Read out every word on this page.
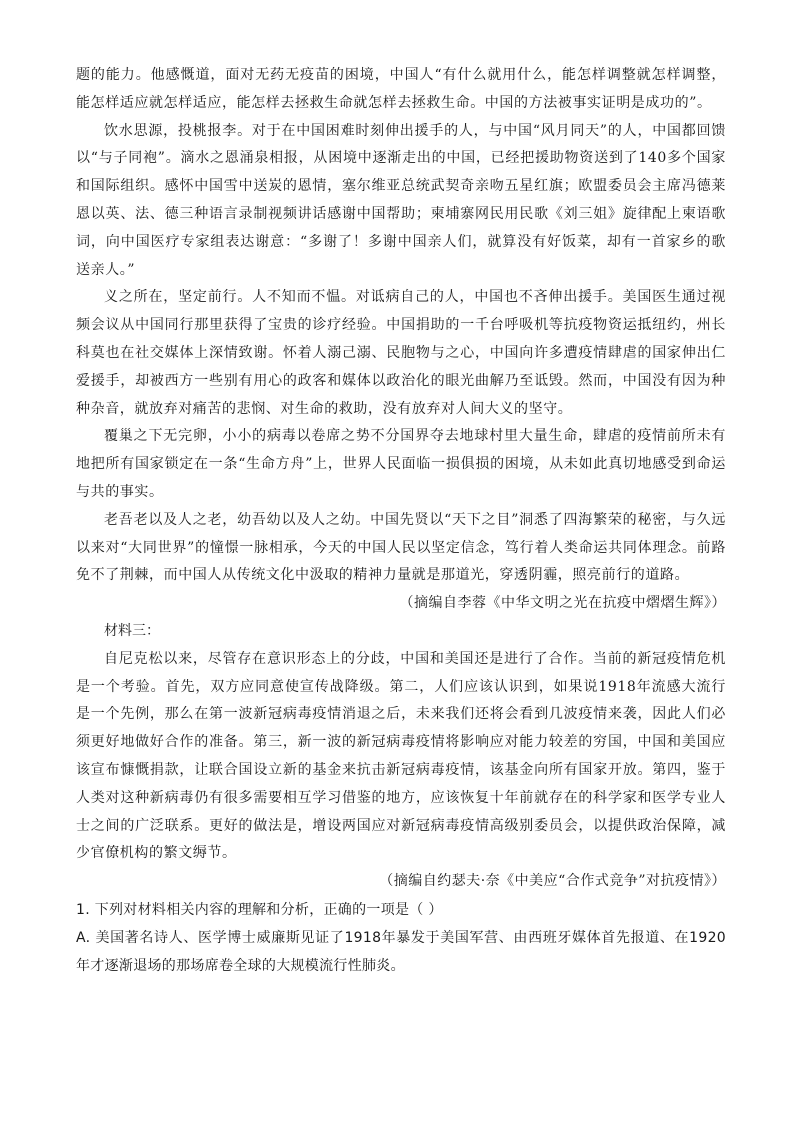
题的能力。他感慨道，面对无药无疫苗的困境，中国人“有什么就用什么，能怎样调整就怎样调整，能怎样适应就怎样适应，能怎样去拯救生命就怎样去拯救生命。中国的方法被事实证明是成功的”。

饮水思源，投桃报李。对于在中国困难时刻伸出援手的人，与中国“风月同天”的人，中国都回馈以“与子同袍”。滴水之恩涌泉相报，从困境中逐渐走出的中国，已经把援助物资送到了140多个国家和国际组织。感怀中国雪中送炭的恩情，塞尔维亚总统武契奇亲吻五星红旗；欧盟委员会主席冯德莱恩以英、法、德三种语言录制视频讲话感谢中国帮助；柬埔寨网民用民歌《刘三姐》旋律配上柬语歌词，向中国医疗专家组表达谢意：“多谢了！多谢中国亲人们，就算没有好饭菜，却有一首家乡的歌送亲人。”

义之所在，坚定前行。人不知而不愠。对诋病自己的人，中国也不吝伸出援手。美国医生通过视频会议从中国同行那里获得了宝贵的诊疗经验。中国捐助的一千台呼吸机等抗疫物资运抵纽约，州长科莫也在社交媒体上深情致谢。怀着人溺己溺、民胞物与之心，中国向许多遭疫情肆虐的国家伸出仁爱援手，却被西方一些别有用心的政客和媒体以政治化的眼光曲解乃至诋毁。然而，中国没有因为种种杂音，就放弃对痛苦的悲悯、对生命的救助，没有放弃对人间大义的坚守。

覆巢之下无完卵，小小的病毒以卷席之势不分国界夺去地球村里大量生命，肆虐的疫情前所未有地把所有国家锁定在一条“生命方舟”上，世界人民面临一损俱损的困境，从未如此真切地感受到命运与共的事实。

老吾老以及人之老，幼吾幼以及人之幼。中国先贤以“天下之目”洞悉了四海繁荣的秘密，与久远以来对“大同世界”的憧憬一脉相承，今天的中国人民以坚定信念，笃行着人类命运共同体理念。前路免不了荆棘，而中国人从传统文化中汲取的精神力量就是那道光，穿透阴霾，照亮前行的道路。

（摘编自李蓉《中华文明之光在抗疫中熠熠生辉》）

材料三：

自尼克松以来，尽管存在意识形态上的分歧，中国和美国还是进行了合作。当前的新冠疫情危机是一个考验。首先，双方应同意使宣传战降级。第二，人们应该认识到，如果说1918年流感大流行是一个先例，那么在第一波新冠病毒疫情消退之后，未来我们还将会看到几波疫情来袭，因此人们必须更好地做好合作的准备。第三，新一波的新冠病毒疫情将影响应对能力较差的穷国，中国和美国应该宣布慷慨捐款，让联合国设立新的基金来抗击新冠病毒疫情，该基金向所有国家开放。第四，鉴于人类对这种新病毒仍有很多需要相互学习借鉴的地方，应该恢复十年前就存在的科学家和医学专业人士之间的广泛联系。更好的做法是，增设两国应对新冠病毒疫情高级别委员会，以提供政治保障，减少官僚机构的繁文缛节。

（摘编自约瑟夫·奈《中美应“合作式竞争”对抗疫情》）

1. 下列对材料相关内容的理解和分析，正确的一项是（ ）

A. 美国著名诗人、医学博士威廉斯见证了1918年暴发于美国军营、由西班牙媒体首先报道、在1920年才逐渐退场的那场席卷全球的大规模流行性肺炎。
